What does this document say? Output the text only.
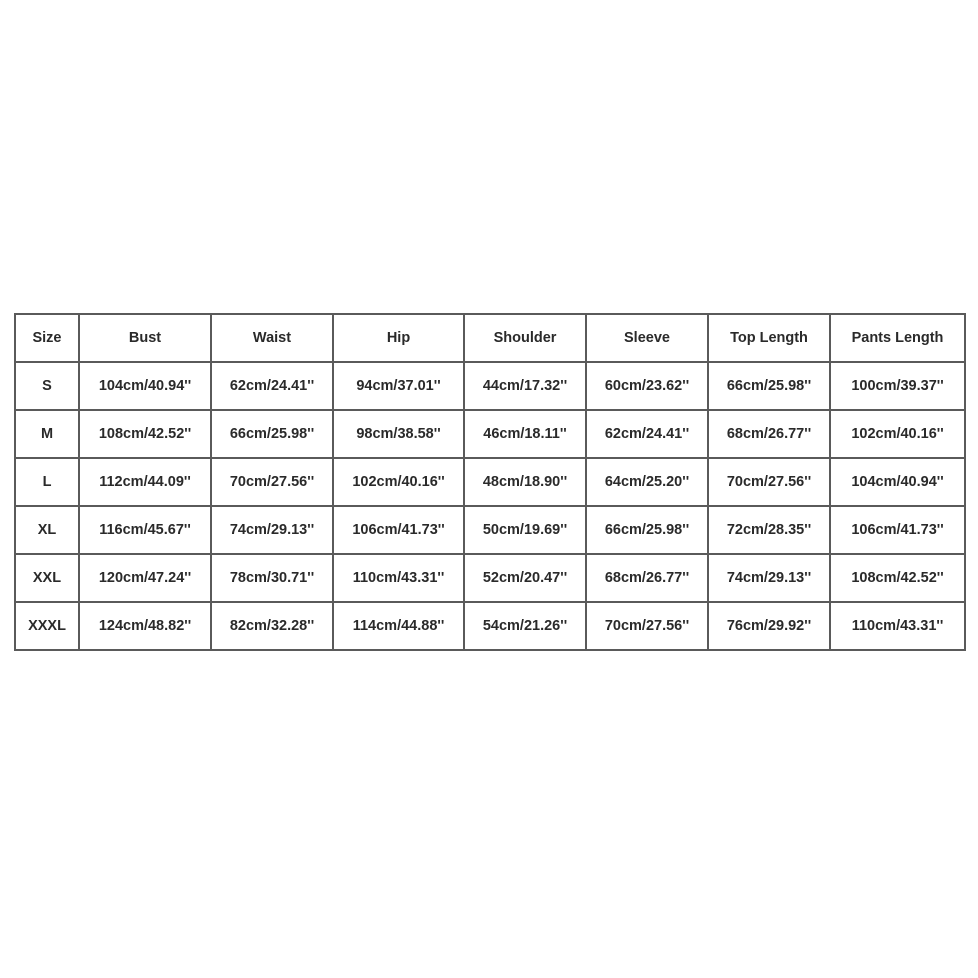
Size	Bust	Waist	Hip	Shoulder	Sleeve	Top Length	Pants Length
S	104cm/40.94''	62cm/24.41''	94cm/37.01''	44cm/17.32''	60cm/23.62''	66cm/25.98''	100cm/39.37''
M	108cm/42.52''	66cm/25.98''	98cm/38.58''	46cm/18.11''	62cm/24.41''	68cm/26.77''	102cm/40.16''
L	112cm/44.09''	70cm/27.56''	102cm/40.16''	48cm/18.90''	64cm/25.20''	70cm/27.56''	104cm/40.94''
XL	116cm/45.67''	74cm/29.13''	106cm/41.73''	50cm/19.69''	66cm/25.98''	72cm/28.35''	106cm/41.73''
XXL	120cm/47.24''	78cm/30.71''	110cm/43.31''	52cm/20.47''	68cm/26.77''	74cm/29.13''	108cm/42.52''
XXXL	124cm/48.82''	82cm/32.28''	114cm/44.88''	54cm/21.26''	70cm/27.56''	76cm/29.92''	110cm/43.31''
